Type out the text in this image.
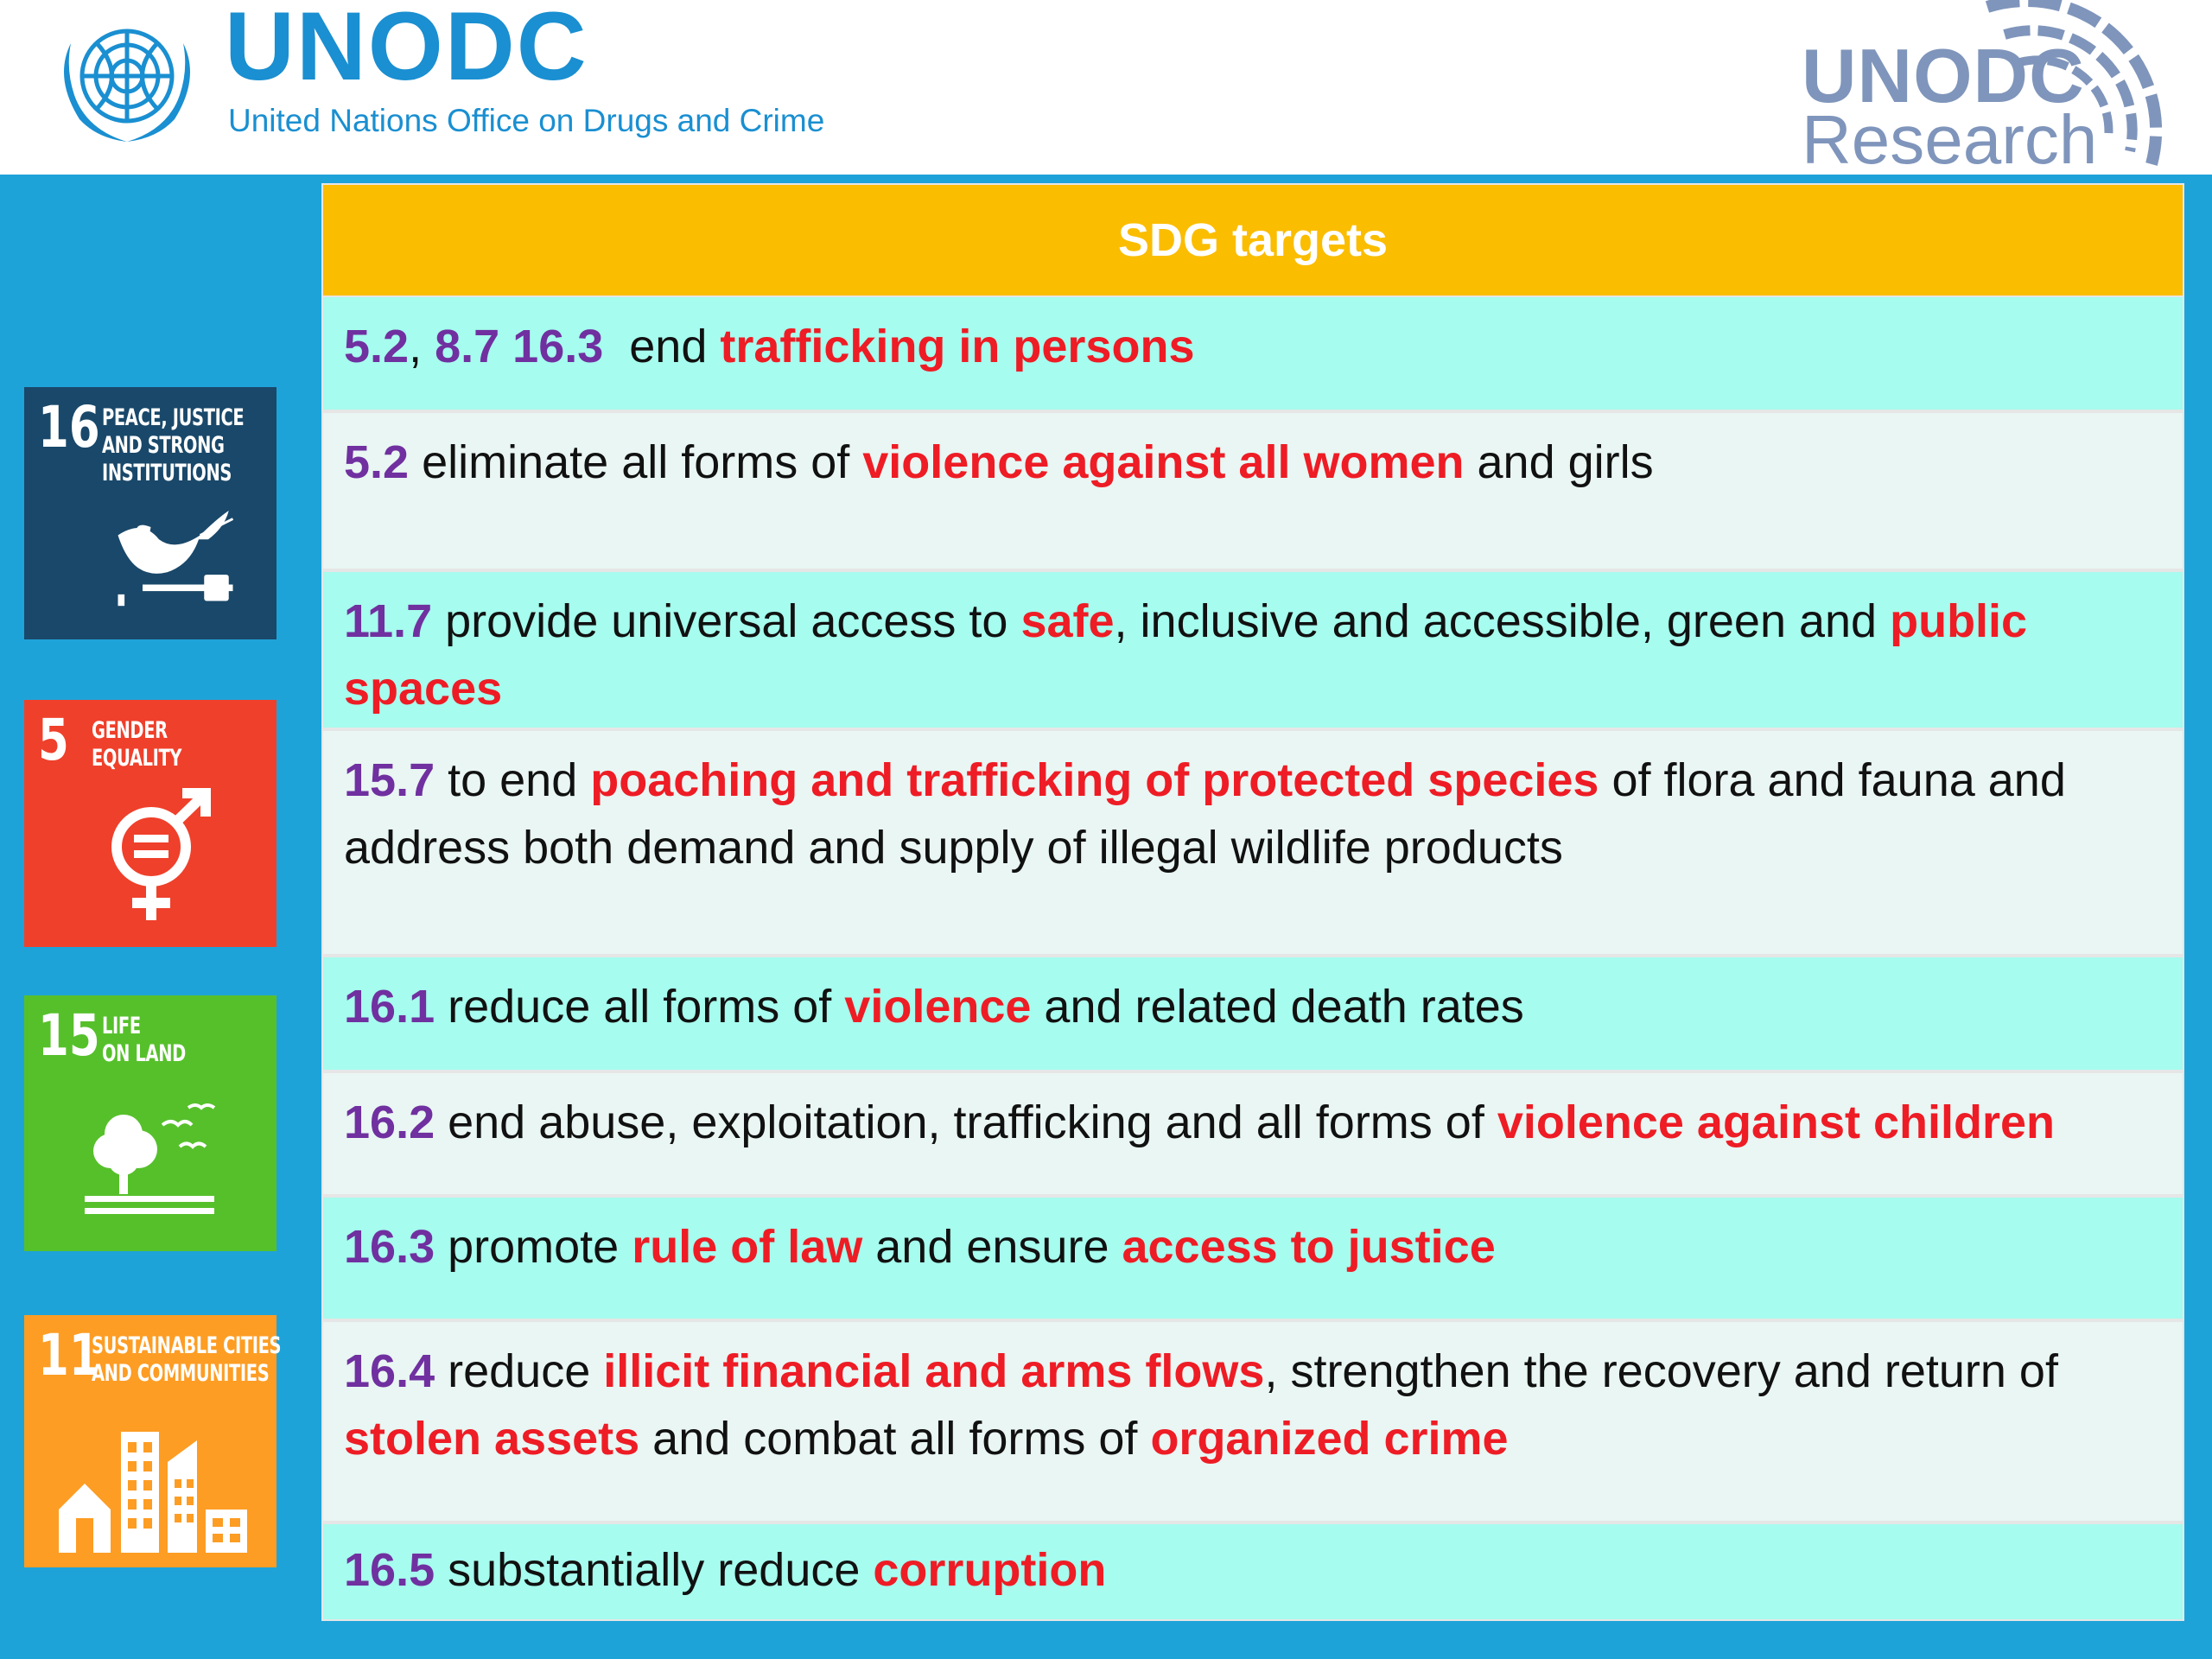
UNODC
United Nations Office on Drugs and Crime
UNODC
Research
16 PEACE, JUSTICE
AND STRONG
INSTITUTIONS
5 GENDER
EQUALITY
15 LIFE
ON LAND
11
SUSTAINABLE CITIES
AND COMMUNITIES
SDG targets
5.2, 8.7 16.3  end trafficking in persons
5.2 eliminate all forms of violence against all women and girls
11.7 provide universal access to safe, inclusive and accessible, green and public spaces
15.7 to end poaching and trafficking of protected species of flora and fauna and address both demand and supply of illegal wildlife products
16.1 reduce all forms of violence and related death rates
16.2 end abuse, exploitation, trafficking and all forms of violence against children
16.3 promote rule of law and ensure access to justice
16.4 reduce illicit financial and arms flows, strengthen the recovery and return of stolen assets and combat all forms of organized crime
16.5 substantially reduce corruption
